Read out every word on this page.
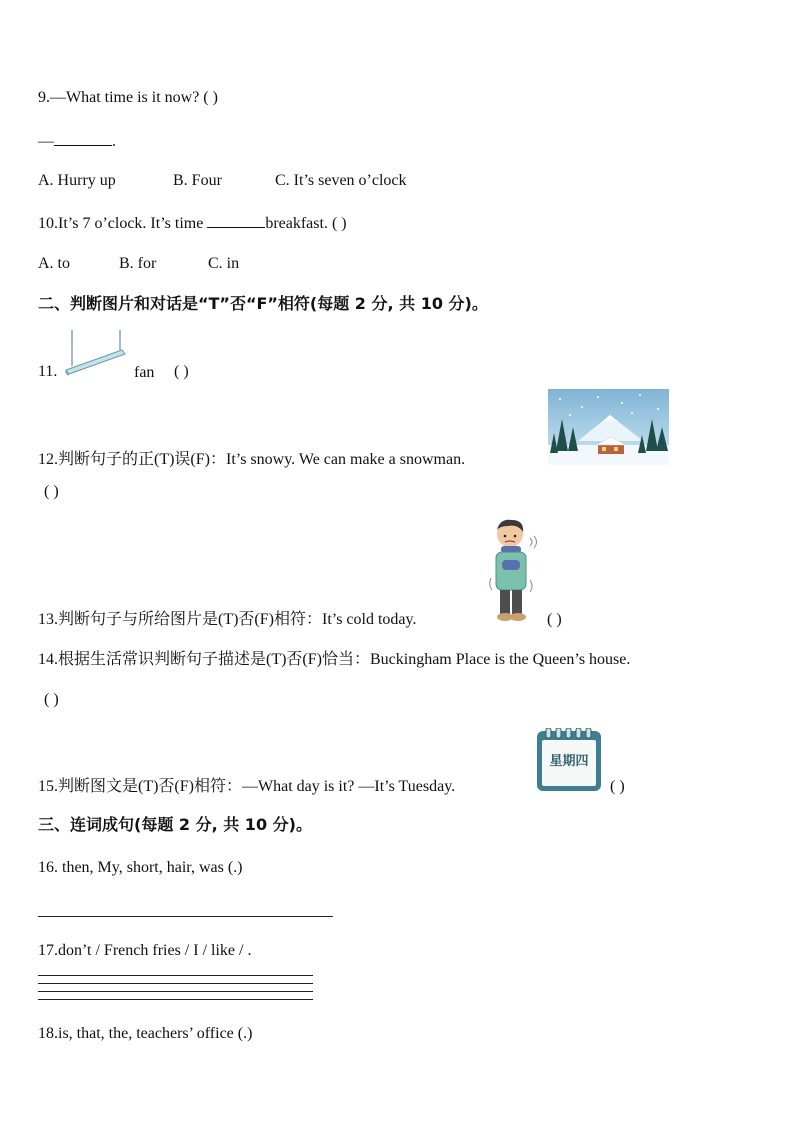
9.—What time is it now? ( )
—	.
A. Hurry up	B. Four	C. It’s seven o’clock
10.It’s 7 o’clock. It’s time	breakfast. ( )
A. to	B. for	C. in
二、判断图片和对话是“T”否“F”相符(每题 2 分, 共 10 分)。
11.	fan ( )
12.判断句子的正(T)误(F)：It’s snowy. We can make a snowman.
( )
13.判断句子与所给图片是(T)否(F)相符：It’s cold today.	( )
14.根据生活常识判断句子描述是(T)否(F)恰当：Buckingham Place is the Queen’s house.
( )
15.判断图文是(T)否(F)相符：—What day is it? —It’s Tuesday.
星期四
( )
三、连词成句(每题 2 分, 共 10 分)。
16. then, My, short, hair, was (.)
17.don’t / French fries / I / like / .
18.is, that, the, teachers’ office (.)
